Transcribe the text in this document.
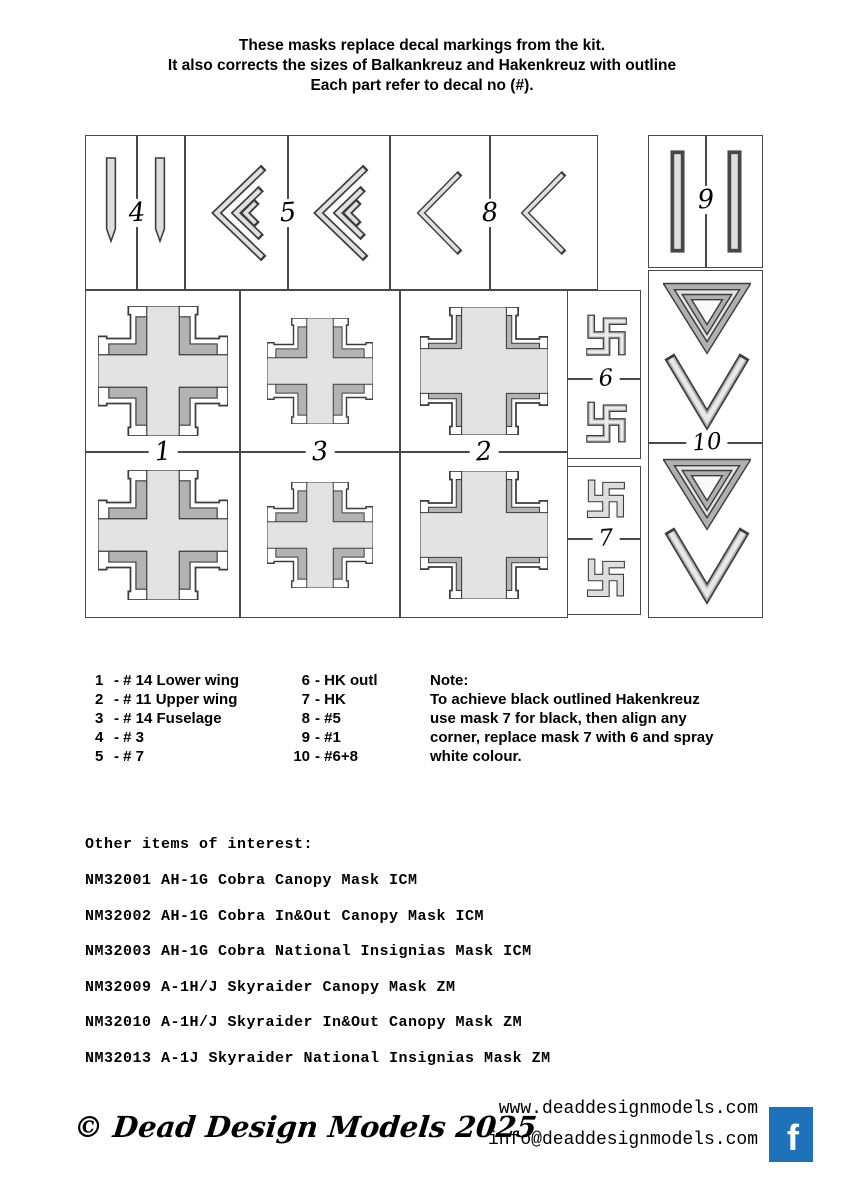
These masks replace decal markings from the kit.
It also corrects the sizes of Balkankreuz and Hakenkreuz with outline
Each part refer to decal no (#).
4	5	8
1	3	2
6
7
9
10
1 - # 14 Lower wing
2 - # 11 Upper wing
3 - # 14 Fuselage
4 - # 3
5 - # 7
6 - HK outl
7 - HK
8 - #5
9 - #1
10 - #6+8
Note:
To achieve black outlined Hakenkreuz
use mask 7 for black, then align any
corner, replace mask 7 with 6 and spray
white colour.
Other items of interest:
NM32001 AH-1G Cobra Canopy Mask ICM
NM32002 AH-1G Cobra In&Out Canopy Mask ICM
NM32003 AH-1G Cobra National Insignias Mask ICM
NM32009 A-1H/J Skyraider Canopy Mask ZM
NM32010 A-1H/J Skyraider In&Out Canopy Mask ZM
NM32013 A-1J Skyraider National Insignias Mask ZM
© Dead Design Models 2025
www.deaddesignmodels.com
info@deaddesignmodels.com f
